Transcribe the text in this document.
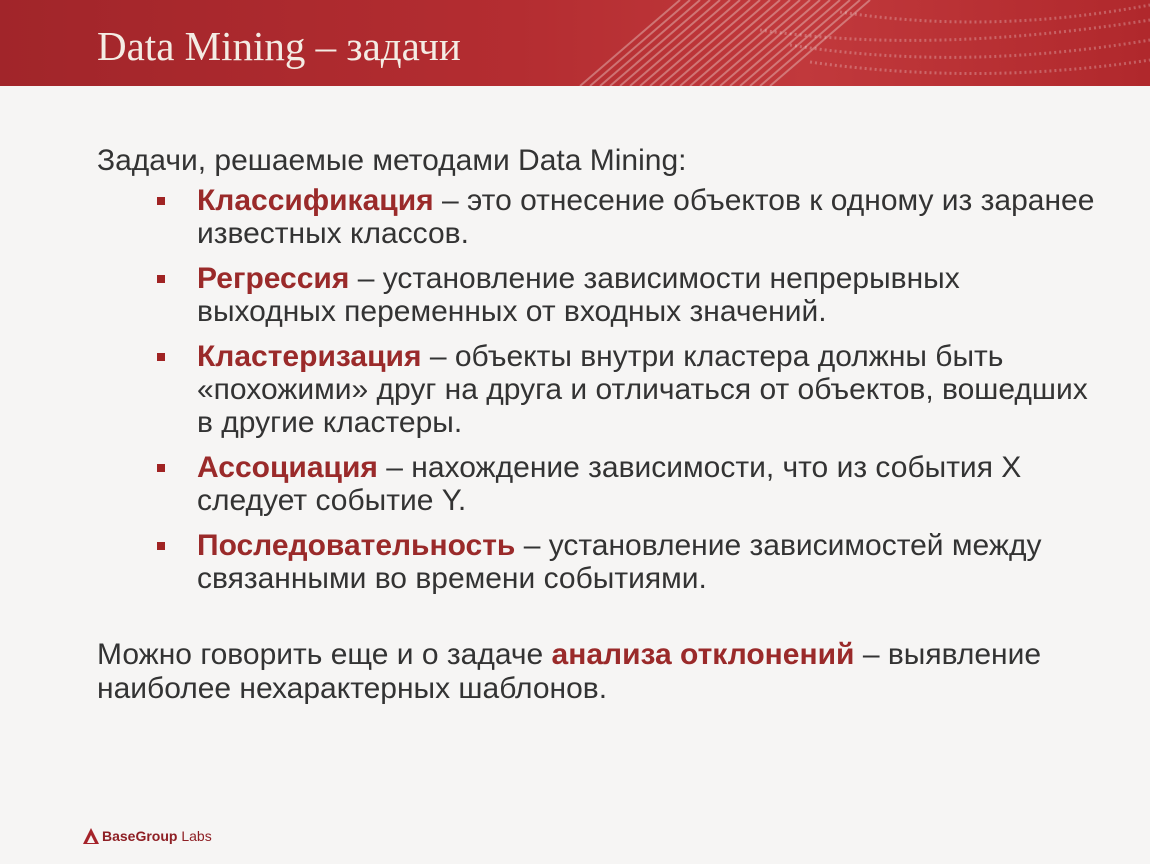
Data Mining – задачи

Задачи, решаемые методами Data Mining:

Классификация – это отнесение объектов к одному из заранее известных классов.
Регрессия – установление зависимости непрерывных выходных переменных от входных значений.
Кластеризация – объекты внутри кластера должны быть «похожими» друг на друга и отличаться от объектов, вошедших в другие кластеры.
Ассоциация – нахождение зависимости, что из события X следует событие Y.
Последовательность – установление зависимостей между связанными во времени событиями.

Можно говорить еще и о задаче анализа отклонений – выявление наиболее нехарактерных шаблонов.

BaseGroup Labs
